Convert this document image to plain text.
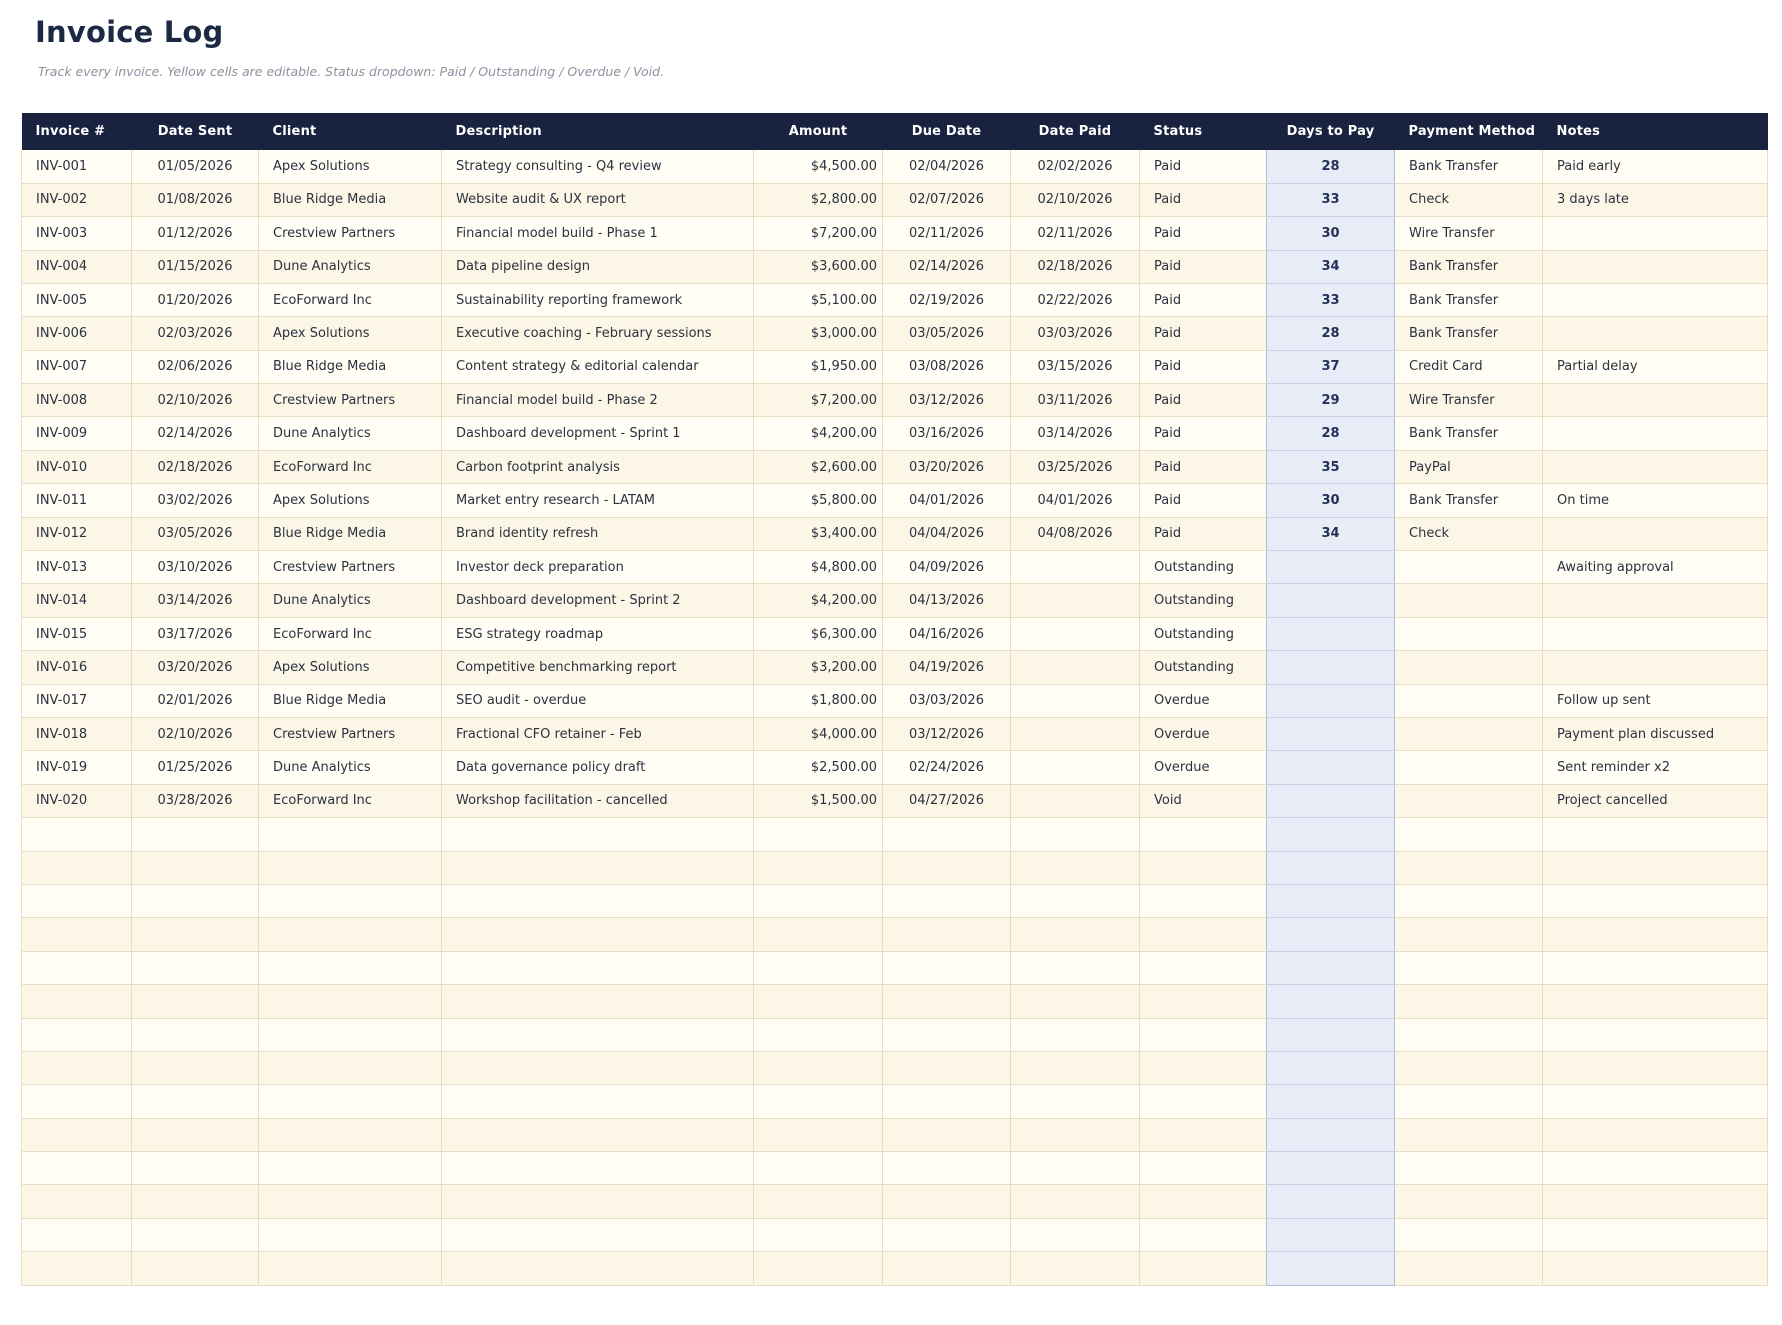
Invoice Log

Track every invoice. Yellow cells are editable. Status dropdown: Paid / Outstanding / Overdue / Void.

Invoice #	Date Sent	Client	Description	Amount	Due Date	Date Paid	Status	Days to Pay	Payment Method	Notes
INV-001	01/05/2026	Apex Solutions	Strategy consulting - Q4 review	$4,500.00	02/04/2026	02/02/2026	Paid	28	Bank Transfer	Paid early
INV-002	01/08/2026	Blue Ridge Media	Website audit & UX report	$2,800.00	02/07/2026	02/10/2026	Paid	33	Check	3 days late
INV-003	01/12/2026	Crestview Partners	Financial model build - Phase 1	$7,200.00	02/11/2026	02/11/2026	Paid	30	Wire Transfer	
INV-004	01/15/2026	Dune Analytics	Data pipeline design	$3,600.00	02/14/2026	02/18/2026	Paid	34	Bank Transfer	
INV-005	01/20/2026	EcoForward Inc	Sustainability reporting framework	$5,100.00	02/19/2026	02/22/2026	Paid	33	Bank Transfer	
INV-006	02/03/2026	Apex Solutions	Executive coaching - February sessions	$3,000.00	03/05/2026	03/03/2026	Paid	28	Bank Transfer	
INV-007	02/06/2026	Blue Ridge Media	Content strategy & editorial calendar	$1,950.00	03/08/2026	03/15/2026	Paid	37	Credit Card	Partial delay
INV-008	02/10/2026	Crestview Partners	Financial model build - Phase 2	$7,200.00	03/12/2026	03/11/2026	Paid	29	Wire Transfer	
INV-009	02/14/2026	Dune Analytics	Dashboard development - Sprint 1	$4,200.00	03/16/2026	03/14/2026	Paid	28	Bank Transfer	
INV-010	02/18/2026	EcoForward Inc	Carbon footprint analysis	$2,600.00	03/20/2026	03/25/2026	Paid	35	PayPal	
INV-011	03/02/2026	Apex Solutions	Market entry research - LATAM	$5,800.00	04/01/2026	04/01/2026	Paid	30	Bank Transfer	On time
INV-012	03/05/2026	Blue Ridge Media	Brand identity refresh	$3,400.00	04/04/2026	04/08/2026	Paid	34	Check	
INV-013	03/10/2026	Crestview Partners	Investor deck preparation	$4,800.00	04/09/2026		Outstanding			Awaiting approval
INV-014	03/14/2026	Dune Analytics	Dashboard development - Sprint 2	$4,200.00	04/13/2026		Outstanding			
INV-015	03/17/2026	EcoForward Inc	ESG strategy roadmap	$6,300.00	04/16/2026		Outstanding			
INV-016	03/20/2026	Apex Solutions	Competitive benchmarking report	$3,200.00	04/19/2026		Outstanding			
INV-017	02/01/2026	Blue Ridge Media	SEO audit - overdue	$1,800.00	03/03/2026		Overdue			Follow up sent
INV-018	02/10/2026	Crestview Partners	Fractional CFO retainer - Feb	$4,000.00	03/12/2026		Overdue			Payment plan discussed
INV-019	01/25/2026	Dune Analytics	Data governance policy draft	$2,500.00	02/24/2026		Overdue			Sent reminder x2
INV-020	03/28/2026	EcoForward Inc	Workshop facilitation - cancelled	$1,500.00	04/27/2026		Void			Project cancelled
